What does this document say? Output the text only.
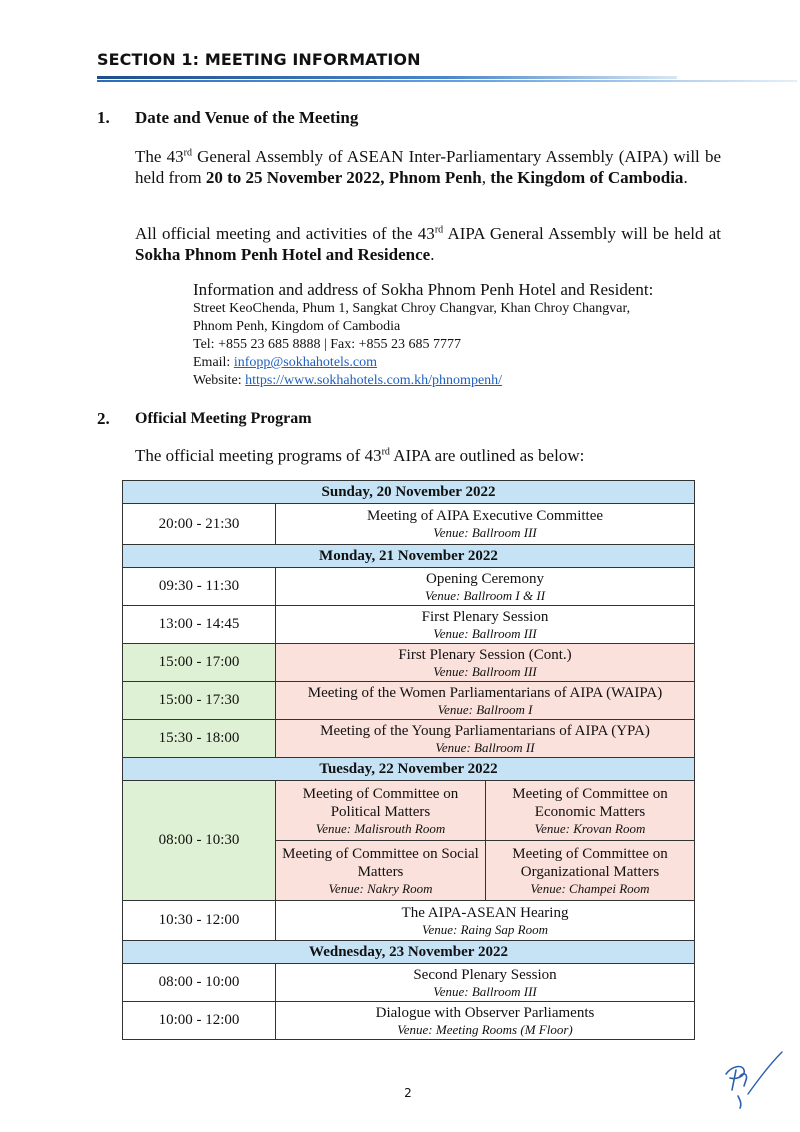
SECTION 1: MEETING INFORMATION
1. Date and Venue of the Meeting
The 43rd General Assembly of ASEAN Inter-Parliamentary Assembly (AIPA) will be held from 20 to 25 November 2022, Phnom Penh, the Kingdom of Cambodia.
All official meeting and activities of the 43rd AIPA General Assembly will be held at Sokha Phnom Penh Hotel and Residence.
Information and address of Sokha Phnom Penh Hotel and Resident:
Street KeoChenda, Phum 1, Sangkat Chroy Changvar, Khan Chroy Changvar,
Phnom Penh, Kingdom of Cambodia
Tel: +855 23 685 8888 | Fax: +855 23 685 7777
Email: infopp@sokhahotels.com
Website: https://www.sokhahotels.com.kh/phnompenh/
2. Official Meeting Program
The official meeting programs of 43rd AIPA are outlined as below:
Sunday, 20 November 2022		
20:00 - 21:30	Meeting of AIPA Executive Committee
Venue: Ballroom III	

Monday, 21 November 2022		
09:30 - 11:30	Opening Ceremony
Venue: Ballroom I & II	

13:00 - 14:45	First Plenary Session
Venue: Ballroom III	

15:00 - 17:00	First Plenary Session (Cont.)
Venue: Ballroom III	

15:00 - 17:30	Meeting of the Women Parliamentarians of AIPA (WAIPA)
Venue: Ballroom I	

15:30 - 18:00	Meeting of the Young Parliamentarians of AIPA (YPA)
Venue: Ballroom II	

Tuesday, 22 November 2022		
08:00 - 10:30	Meeting of Committee on Political Matters
Venue: Malisrouth Room	Meeting of Committee on Economic Matters
Venue: Krovan Room

	Meeting of Committee on Social Matters
Venue: Nakry Room	Meeting of Committee on Organizational Matters
Venue: Champei Room

10:30 - 12:00	The AIPA-ASEAN Hearing
Venue: Raing Sap Room	

Wednesday, 23 November 2022		
08:00 - 10:00	Second Plenary Session
Venue: Ballroom III	

10:00 - 12:00	Dialogue with Observer Parliaments
Venue: Meeting Rooms (M Floor)	
2
